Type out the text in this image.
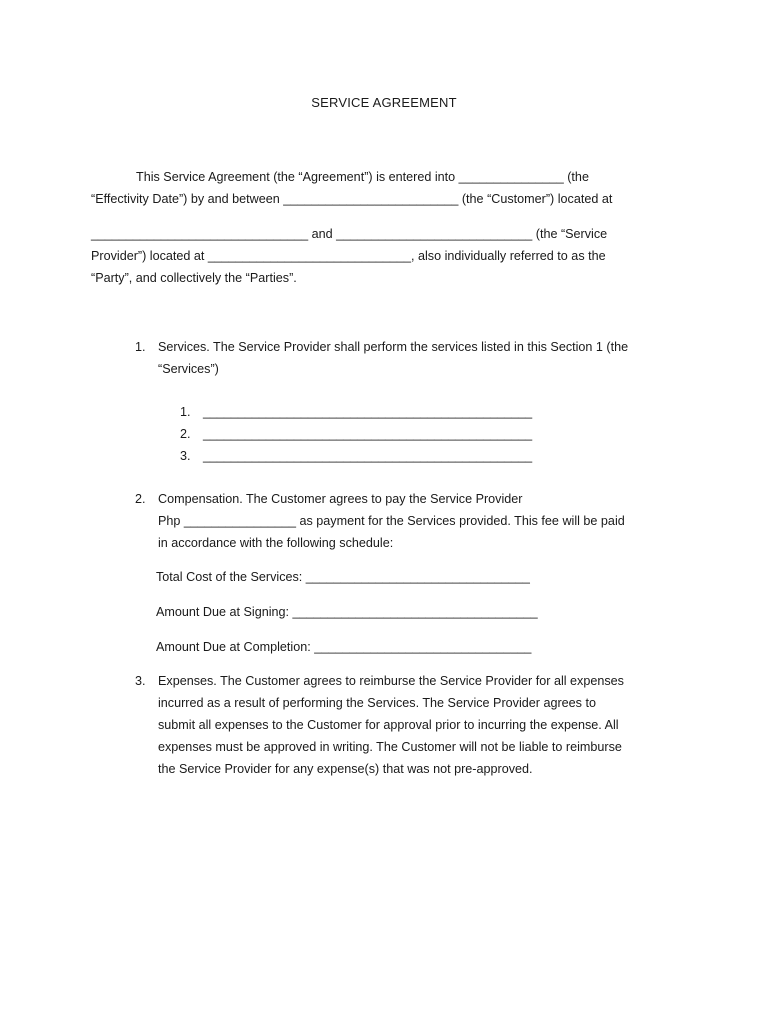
SERVICE AGREEMENT
This Service Agreement (the “Agreement”) is entered into _______________ (the
“Effectivity Date”) by and between _________________________ (the “Customer”) located at
_______________________________ and ____________________________ (the “Service
Provider”) located at _____________________________, also individually referred to as the
“Party”, and collectively the “Parties”.
1. Services. The Service Provider shall perform the services listed in this Section 1 (the
“Services”)
1. _______________________________________________
2. _______________________________________________
3. _______________________________________________
2. Compensation. The Customer agrees to pay the Service Provider
Php ________________ as payment for the Services provided. This fee will be paid
in accordance with the following schedule:
Total Cost of the Services: ________________________________
Amount Due at Signing: ___________________________________
Amount Due at Completion: _______________________________
3. Expenses. The Customer agrees to reimburse the Service Provider for all expenses
incurred as a result of performing the Services. The Service Provider agrees to
submit all expenses to the Customer for approval prior to incurring the expense. All
expenses must be approved in writing. The Customer will not be liable to reimburse
the Service Provider for any expense(s) that was not pre-approved.
